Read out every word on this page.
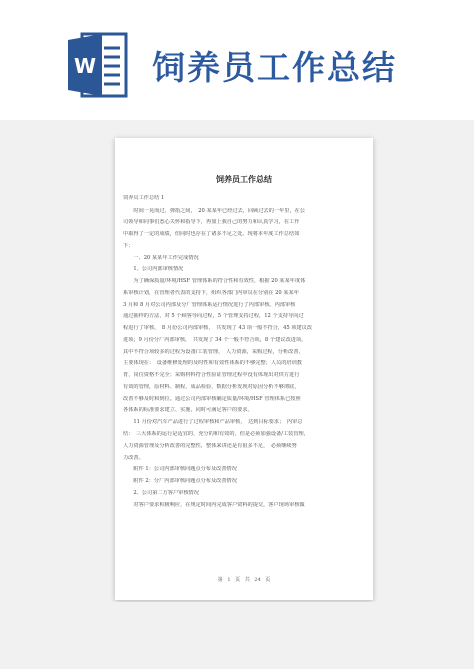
W 饲养员工作总结
饲养员工作总结
饲养员工作总结 1
　　时间一晃而过，弹指之间，　20 某某年已经过去，回顾过去的一年里，在公
司领导和同事们悉心关怀和指导下，再加上我自己的努力和认真学习，在工作
中取得了一定的成绩，但同时也存在了诸多不足之处。现将本年度工作总结如
下：
　　一、20 某某年工作完成情况
　　1、公司内部审核情况
　　为了确保质量/环境/HSF 管理体系的符合性和有效性，根据 20 某某年度体
系审核计划，在管理者代表的支持下，组织各部门内审员在分别在 20 某某年
3 月和 8 月对公司内部及分厂管理体系运行情况进行了内部审核。内部审核
通过抽样的方法，对 5 个顾客导向过程，5 个管理支持过程，12 个支持导向过
程进行了审核，　8 月份公司内部审核，　共发现了 43 项一般不符合，45 项建议改
进项；9 月份分厂内部审核，　共发现了 34 个一般不符合项，8 个建议改进项。
其中不符合项较多的过程为设备/工装管理，　人力资源，采购过程，分析改善，
主要体现在：　设备维修处理的及时性和有效性体系的不够完整；人员的培训教
育，岗位资格不完全；采购材料符合性验证管理过程中没有体现出对供方进行
有效的管理，原材料、制程，成品检验，数据分析发现对原因分析不够彻底，
改善不够及时和到位。通过公司内部审核确定质量/环境/HSF 管理体系已按照
各体系的标准要求建立、实施，同时可满足客户的要求。
　　11 月份对汽车产品进行了过程审核和产品审核，　达到目标要求；　内审总
结：　三大体系的运行是适宜的、充分的和有效的，但是必须加强设备/工装管理，
人力资源管理及分析改善的完整性，整体来讲还是有很多不足，　必须继续努
力改善。
　　附件 1：公司内部审核问题点分布及改善情况
　　附件 2：分厂内部审核问题点分布及改善情况
　　2、公司第二方客户审核情况
　　对客户要求积极响应，在规定时间内完成客户资料的提交，客户现场审核做
第 1 页 共 24 页
